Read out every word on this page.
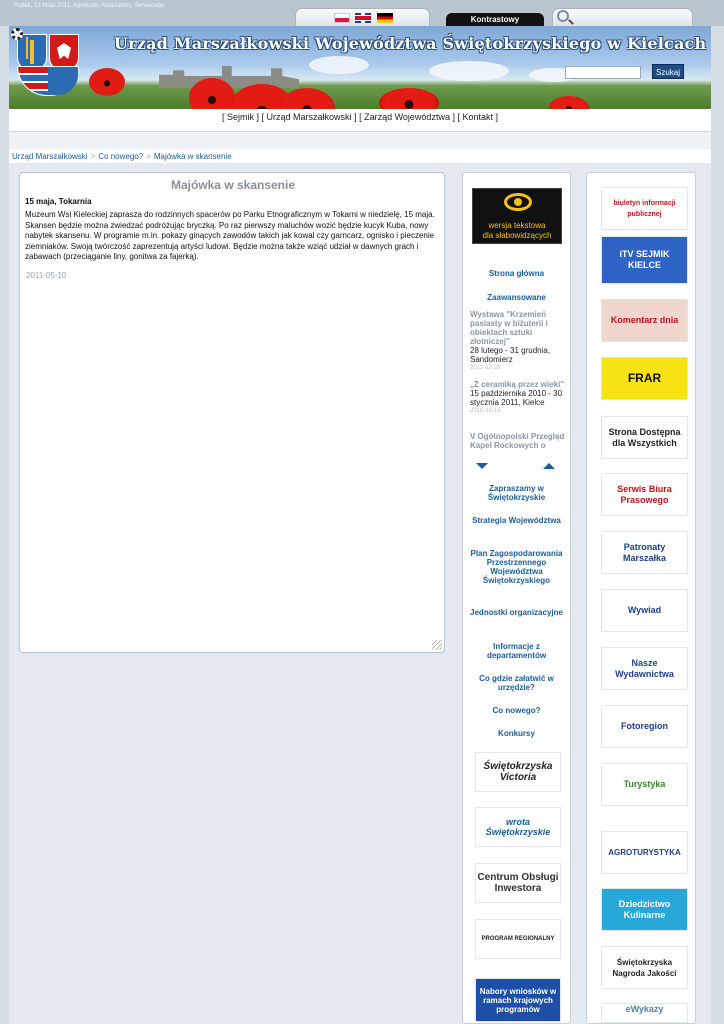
Piątek, 13 Maja 2011, Agnieszki, Magdaleny, Serwacego
Kontrastowy
Urząd Marszałkowski Województwa Świętokrzyskiego w Kielcach
Szukaj
[ Sejmik ] [ Urząd Marszałkowski ] [ Zarząd Województwa ] [ Kontakt ]
Urząd Marszałkowski > Co nowego? > Majówka w skansenie
Majówka w skansenie
15 maja, Tokarnia
Muzeum Wsi Kieleckiej zaprasza do rodzinnych spacerów po Parku Etnograficznym w Tokarni w niedzielę, 15 maja. Skansen będzie można zwiedzać podróżując bryczką. Po raz pierwszy maluchów wozić będzie kucyk Kuba, nowy nabytek skansenu. W programie m.in. pokazy ginących zawodów takich jak kowal czy garncarz, ognisko i pieczenie ziemniaków. Swoją twórczość zaprezentują artyści ludowi. Będzie można także wziąć udział w dawnych grach i zabawach (przeciąganie liny, gonitwa za fajerką).
2011-05-10
wersja tekstowa
dla słabowidzących
Strona główna
Zaawansowane
Wystawa "Krzemień pasiasty w biżuterii i obiektach sztuki złotniczej"
28 lutego - 31 grudnia, Sandomierz
2011-02-28
„Z ceramiką przez wieki"
15 października 2010 - 30 stycznia 2011, Kielce
2010-10-15
V Ogólnopolski Przegląd Kapel Rockowych o
Zapraszamy w Świętokrzyskie
Strategia Województwa
Plan Zagospodarowania Przestrzennego Województwa Świętokrzyskiego
Jednostki organizacyjne
Informacje z departamentów
Co gdzie załatwić w urzędzie?
Co nowego?
Konkursy
Świętokrzyska Victoria
wrota Świętokrzyskie
Centrum Obsługi Inwestora
PROGRAM REGIONALNY
Nabory wniosków w ramach krajowych programów
biuletyn informacji publicznej
iTV SEJMIK KIELCE
Komentarz dnia
FRAR
Strona Dostępna dla Wszystkich
Serwis Biura Prasowego
Patronaty Marszałka
Wywiad
Nasze Wydawnictwa
Fotoregion
Turystyka
AGROTURYSTYKA
Dziedzictwo Kulinarne
Świętokrzyska Nagroda Jakości
eWykazy
